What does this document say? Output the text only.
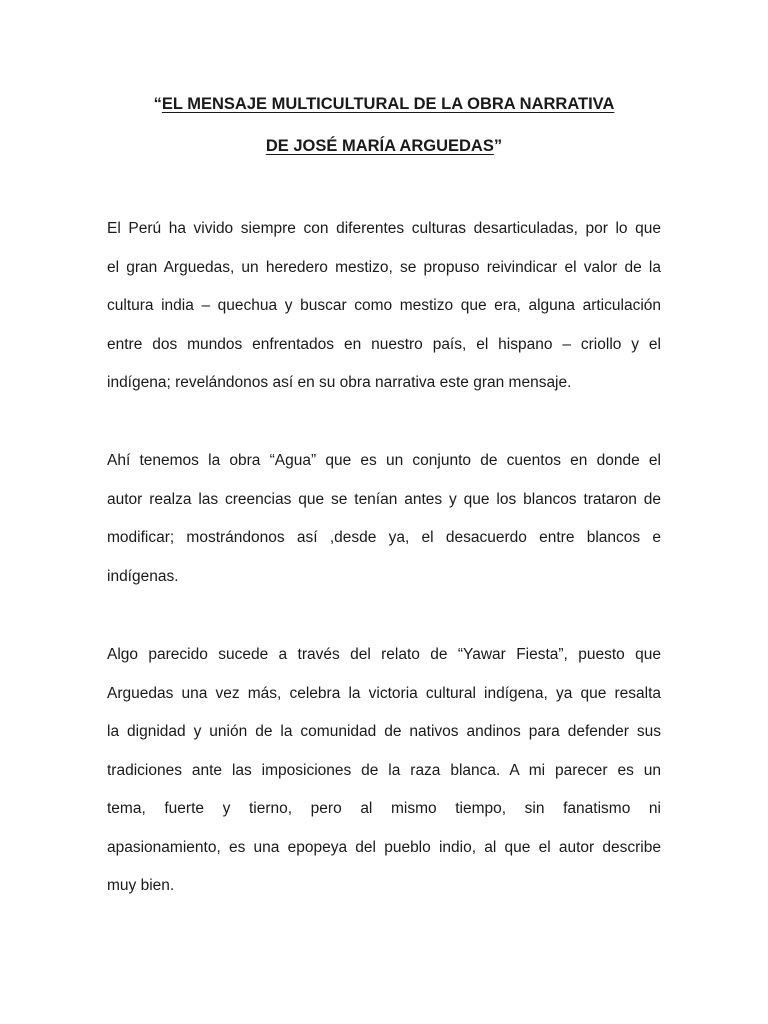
“EL MENSAJE MULTICULTURAL DE LA OBRA NARRATIVA
DE JOSÉ MARÍA ARGUEDAS”
El Perú ha vivido siempre con diferentes culturas desarticuladas, por lo que
el gran Arguedas, un heredero mestizo, se propuso reivindicar el valor de la
cultura india – quechua y buscar como mestizo que era, alguna articulación
entre dos mundos enfrentados en nuestro país, el hispano – criollo y el
indígena; revelándonos así en su obra narrativa este gran mensaje.
Ahí tenemos la obra “Agua” que es un conjunto de cuentos en donde el
autor realza las creencias que se tenían antes y que los blancos trataron de
modificar; mostrándonos así ,desde ya, el desacuerdo entre blancos e
indígenas.
Algo parecido sucede a través del relato de “Yawar Fiesta”, puesto que
Arguedas una vez más, celebra la victoria cultural indígena, ya que resalta
la dignidad y unión de la comunidad de nativos andinos para defender sus
tradiciones ante las imposiciones de la raza blanca. A mi parecer es un
tema, fuerte y tierno, pero al mismo tiempo, sin fanatismo ni
apasionamiento, es una epopeya del pueblo indio, al que el autor describe
muy bien.
